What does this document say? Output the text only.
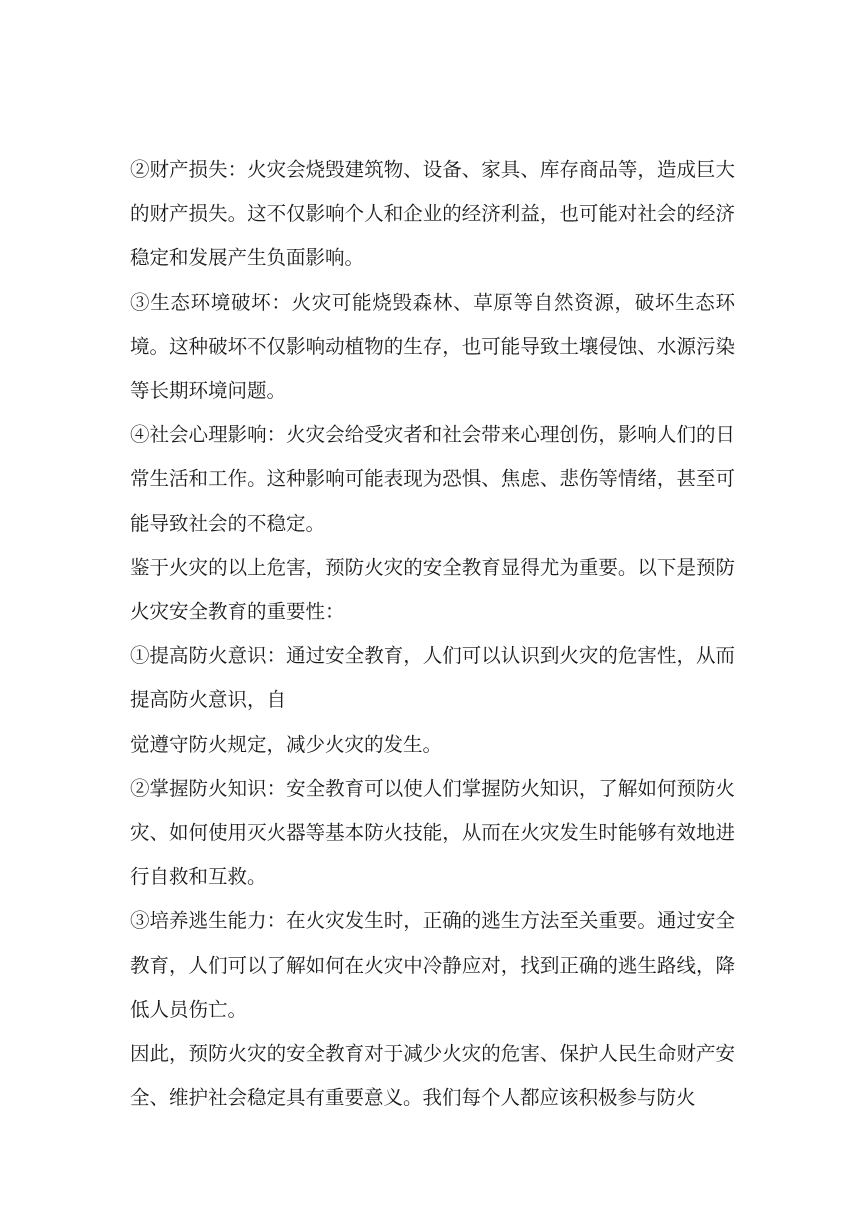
②财产损失：火灾会烧毁建筑物、设备、家具、库存商品等，造成巨大的财产损失。这不仅影响个人和企业的经济利益，也可能对社会的经济稳定和发展产生负面影响。

③生态环境破坏：火灾可能烧毁森林、草原等自然资源，破坏生态环境。这种破坏不仅影响动植物的生存，也可能导致土壤侵蚀、水源污染等长期环境问题。

④社会心理影响：火灾会给受灾者和社会带来心理创伤，影响人们的日常生活和工作。这种影响可能表现为恐惧、焦虑、悲伤等情绪，甚至可能导致社会的不稳定。

鉴于火灾的以上危害，预防火灾的安全教育显得尤为重要。以下是预防火灾安全教育的重要性：

①提高防火意识：通过安全教育，人们可以认识到火灾的危害性，从而提高防火意识，自

觉遵守防火规定，减少火灾的发生。

②掌握防火知识：安全教育可以使人们掌握防火知识，了解如何预防火灾、如何使用灭火器等基本防火技能，从而在火灾发生时能够有效地进行自救和互救。

③培养逃生能力：在火灾发生时，正确的逃生方法至关重要。通过安全教育，人们可以了解如何在火灾中冷静应对，找到正确的逃生路线，降低人员伤亡。

因此，预防火灾的安全教育对于减少火灾的危害、保护人民生命财产安全、维护社会稳定具有重要意义。我们每个人都应该积极参与防火
